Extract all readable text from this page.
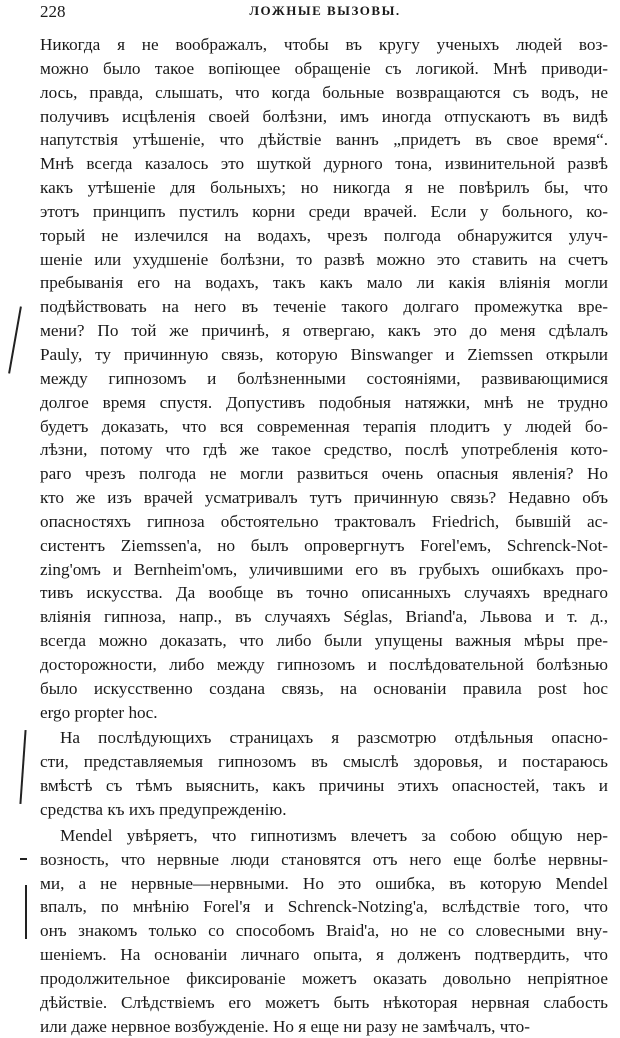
228	ЛОЖНЫЕ ВЫЗОВЫ.
Никогда я не воображалъ, чтобы въ кругу ученыхъ людей воз-
можно было такое вопіющее обращеніе съ логикой. Мнѣ приводи-
лось, правда, слышать, что когда больные возвращаются съ водъ, не
получивъ исцѣленія своей болѣзни, имъ иногда отпускаютъ въ видѣ
напутствія утѣшеніе, что дѣйствіе ваннъ „придетъ въ свое время“.
Мнѣ всегда казалось это шуткой дурного тона, извинительной развѣ
какъ утѣшеніе для больныхъ; но никогда я не повѣрилъ бы, что
этотъ принципъ пустилъ корни среди врачей. Если у больного, ко-
торый не излечился на водахъ, чрезъ полгода обнаружится улуч-
шеніе или ухудшеніе болѣзни, то развѣ можно это ставить на счетъ
пребыванія его на водахъ, такъ какъ мало ли какія вліянія могли
подѣйствовать на него въ теченіе такого долгаго промежутка вре-
мени? По той же причинѣ, я отвергаю, какъ это до меня сдѣлалъ
Pauly, ту причинную связь, которую Binswanger и Ziemssen открыли
между гипнозомъ и болѣзненными состояніями, развивающимися
долгое время спустя. Допустивъ подобныя натяжки, мнѣ не трудно
будетъ доказать, что вся современная терапія плодитъ у людей бо-
лѣзни, потому что гдѣ же такое средство, послѣ употребленія кото-
раго чрезъ полгода не могли развиться очень опасныя явленія? Но
кто же изъ врачей усматривалъ тутъ причинную связь? Недавно объ
опасностяхъ гипноза обстоятельно трактовалъ Friedrich, бывшій ас-
систентъ Ziemssen'а, но былъ опровергнутъ Forel'емъ, Schrenck-Not-
zing'омъ и Bernheim'омъ, уличившими его въ грубыхъ ошибкахъ про-
тивъ искусства. Да вообще въ точно описанныхъ случаяхъ вреднаго
вліянія гипноза, напр., въ случаяхъ Séglas, Briand'а, Львова и т. д.,
всегда можно доказать, что либо были упущены важныя мѣры пре-
досторожности, либо между гипнозомъ и послѣдовательной болѣзнью
было искусственно создана связь, на основаніи правила post hoc
ergo propter hoc.
На послѣдующихъ страницахъ я разсмотрю отдѣльныя опасно-
сти, представляемыя гипнозомъ въ смыслѣ здоровья, и постараюсь
вмѣстѣ съ тѣмъ выяснить, какъ причины этихъ опасностей, такъ и
средства къ ихъ предупрежденію.
Mendel увѣряетъ, что гипнотизмъ влечетъ за собою общую нер-
возность, что нервные люди становятся отъ него еще болѣе нервны-
ми, а не нервные—нервными. Но это ошибка, въ которую Mendel
впалъ, по мнѣнію Forel'я и Schrenck-Notzing'а, вслѣдствіе того, что
онъ знакомъ только со способомъ Braid'а, но не со словесными вну-
шеніемъ. На основаніи личнаго опыта, я долженъ подтвердить, что
продолжительное фиксированіе можетъ оказать довольно непріятное
дѣйствіе. Слѣдствіемъ его можетъ быть нѣкоторая нервная слабость
или даже нервное возбужденіе. Но я еще ни разу не замѣчалъ, что-
